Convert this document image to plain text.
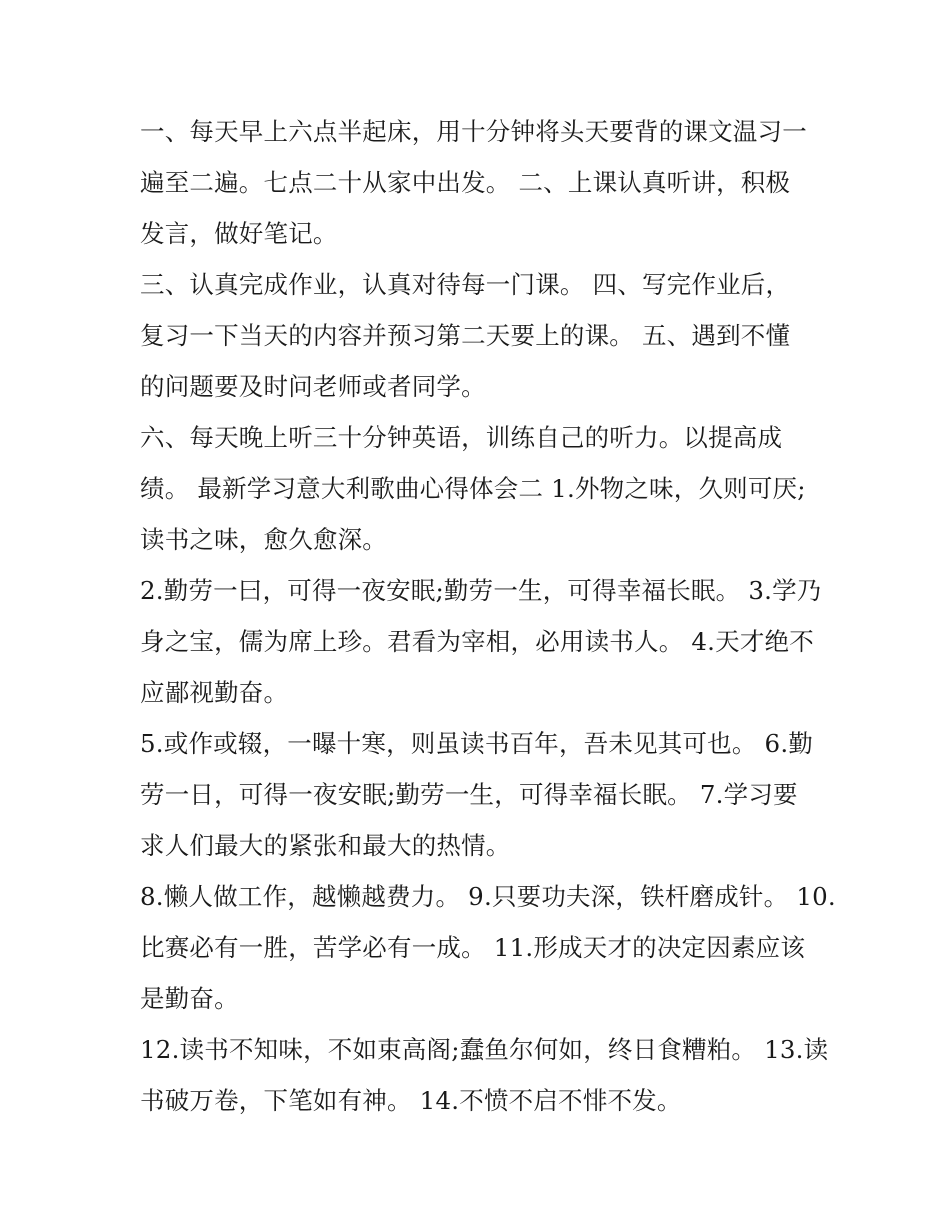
一、每天早上六点半起床，用十分钟将头天要背的课文温习一
遍至二遍。七点二十从家中出发。 二、上课认真听讲，积极
发言，做好笔记。
三、认真完成作业，认真对待每一门课。 四、写完作业后，
复习一下当天的内容并预习第二天要上的课。 五、遇到不懂
的问题要及时问老师或者同学。
六、每天晚上听三十分钟英语，训练自己的听力。以提高成
绩。 最新学习意大利歌曲心得体会二 1.外物之味，久则可厌;
读书之味，愈久愈深。
2.勤劳一曰，可得一夜安眠;勤劳一生，可得幸福长眠。 3.学乃
身之宝，儒为席上珍。君看为宰相，必用读书人。 4.天才绝不
应鄙视勤奋。
5.或作或辍，一曝十寒，则虽读书百年，吾未见其可也。 6.勤
劳一日，可得一夜安眠;勤劳一生，可得幸福长眠。 7.学习要
求人们最大的紧张和最大的热情。
8.懒人做工作，越懒越费力。 9.只要功夫深，铁杆磨成针。 10.
比赛必有一胜，苦学必有一成。 11.形成天才的决定因素应该
是勤奋。
12.读书不知味，不如束高阁;蠢鱼尔何如，终日食糟粕。 13.读
书破万卷，下笔如有神。 14.不愤不启不悱不发。
